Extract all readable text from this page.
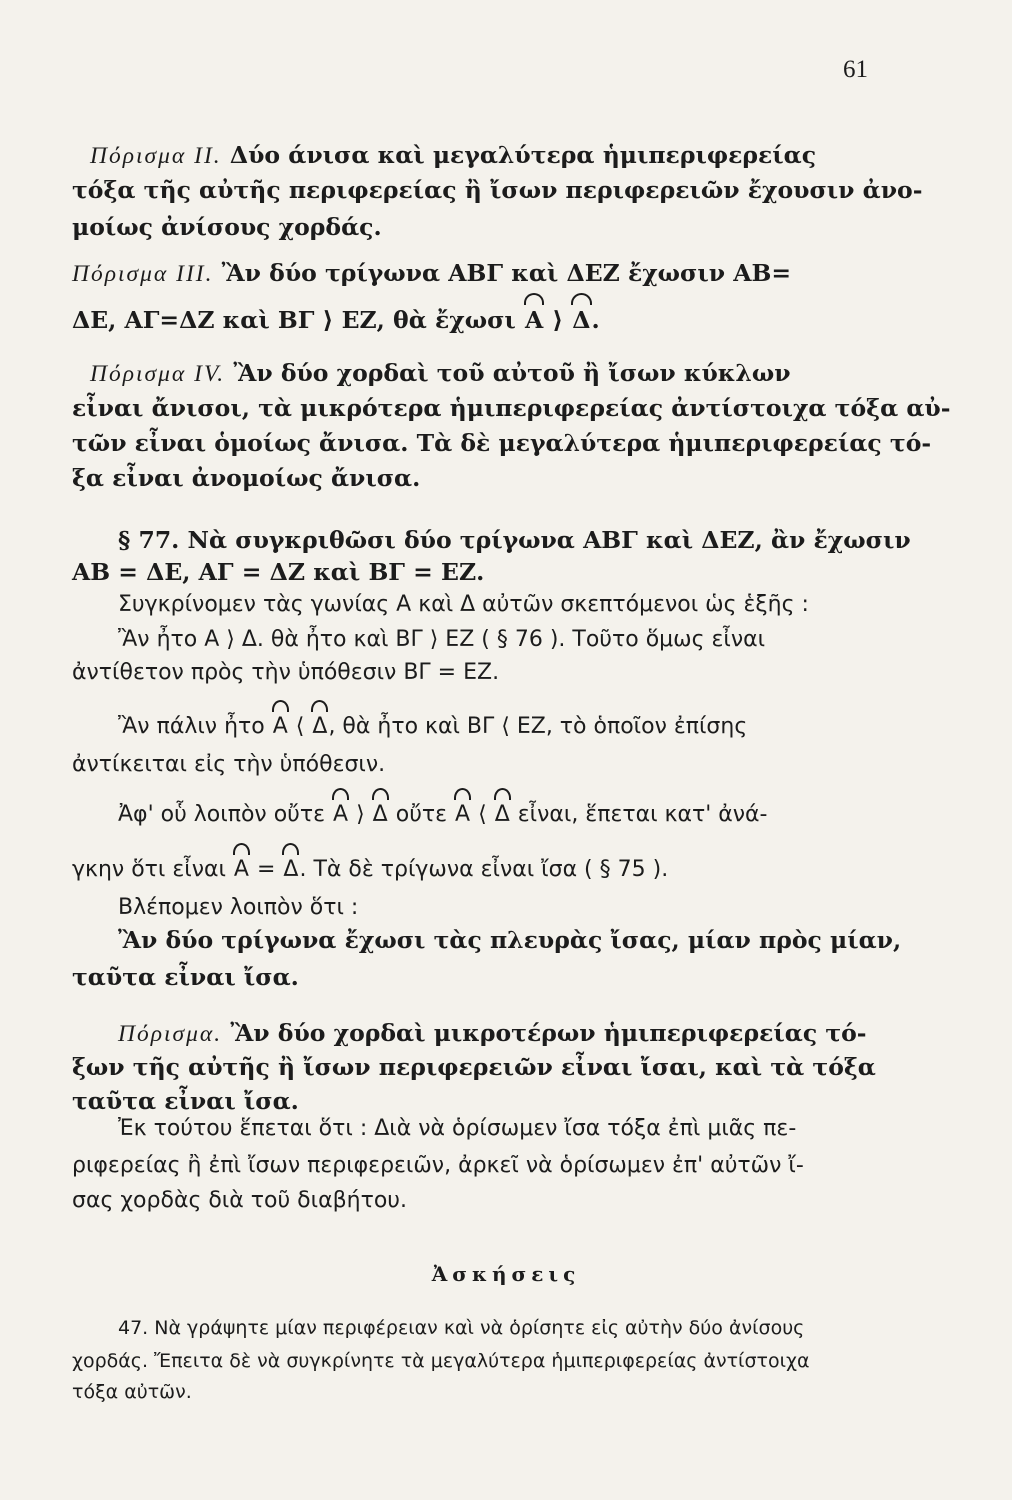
61
Πόρισμα II. Δύο άνισα καὶ μεγαλύτερα ἡμιπεριφερείας
τόξα τῆς αὐτῆς περιφερείας ἢ ἴσων περιφερειῶν ἔχουσιν ἀνο-
μοίως ἀνίσους χορδάς.
Πόρισμα III. Ἂν δύο τρίγωνα ΑΒΓ καὶ ΔΕΖ ἔχωσιν ΑΒ=
ΔΕ, ΑΓ=ΔΖ καὶ ΒΓ ⟩ ΕΖ, θὰ ἔχωσι Α ⟩ Δ.
Πόρισμα IV. Ἂν δύο χορδαὶ τοῦ αὐτοῦ ἢ ἴσων κύκλων
εἶναι ἄνισοι, τὰ μικρότερα ἡμιπεριφερείας ἀντίστοιχα τόξα αὐ-
τῶν εἶναι ὁμοίως ἄνισα. Τὰ δὲ μεγαλύτερα ἡμιπεριφερείας τό-
ξα εἶναι ἀνομοίως ἄνισα.
§ 77. Νὰ συγκριθῶσι δύο τρίγωνα ΑΒΓ καὶ ΔΕΖ, ἂν ἔχωσιν
ΑΒ = ΔΕ, ΑΓ = ΔΖ καὶ ΒΓ = ΕΖ.
Συγκρίνομεν τὰς γωνίας Α καὶ Δ αὐτῶν σκεπτόμενοι ὡς ἑξῆς :
Ἂν ἦτο Α ⟩ Δ. θὰ ἦτο καὶ ΒΓ ⟩ ΕΖ ( § 76 ). Τοῦτο ὅμως εἶναι
ἀντίθετον πρὸς τὴν ὑπόθεσιν ΒΓ = ΕΖ.
Ἂν πάλιν ἦτο Α ⟨ Δ, θὰ ἦτο καὶ ΒΓ ⟨ ΕΖ, τὸ ὁποῖον ἐπίσης
ἀντίκειται εἰς τὴν ὑπόθεσιν.
Ἀφ' οὗ λοιπὸν οὔτε Α ⟩ Δ οὔτε Α ⟨ Δ εἶναι, ἕπεται κατ' ἀνά-
γκην ὅτι εἶναι Α = Δ. Τὰ δὲ τρίγωνα εἶναι ἴσα ( § 75 ).
Βλέπομεν λοιπὸν ὅτι :
Ἂν δύο τρίγωνα ἔχωσι τὰς πλευρὰς ἴσας, μίαν πρὸς μίαν,
ταῦτα εἶναι ἴσα.
Πόρισμα. Ἂν δύο χορδαὶ μικροτέρων ἡμιπεριφερείας τό-
ξων τῆς αὐτῆς ἢ ἴσων περιφερειῶν εἶναι ἴσαι, καὶ τὰ τόξα
ταῦτα εἶναι ἴσα.
Ἐκ τούτου ἕπεται ὅτι : Διὰ νὰ ὁρίσωμεν ἴσα τόξα ἐπὶ μιᾶς πε-
ριφερείας ἢ ἐπὶ ἴσων περιφερειῶν, ἀρκεῖ νὰ ὁρίσωμεν ἐπ' αὐτῶν ἴ-
σας χορδὰς διὰ τοῦ διαβήτου.
Ἀσκήσεις
47. Νὰ γράψητε μίαν περιφέρειαν καὶ νὰ ὁρίσητε εἰς αὐτὴν δύο ἀνίσους
χορδάς. Ἔπειτα δὲ νὰ συγκρίνητε τὰ μεγαλύτερα ἡμιπεριφερείας ἀντίστοιχα
τόξα αὐτῶν.
